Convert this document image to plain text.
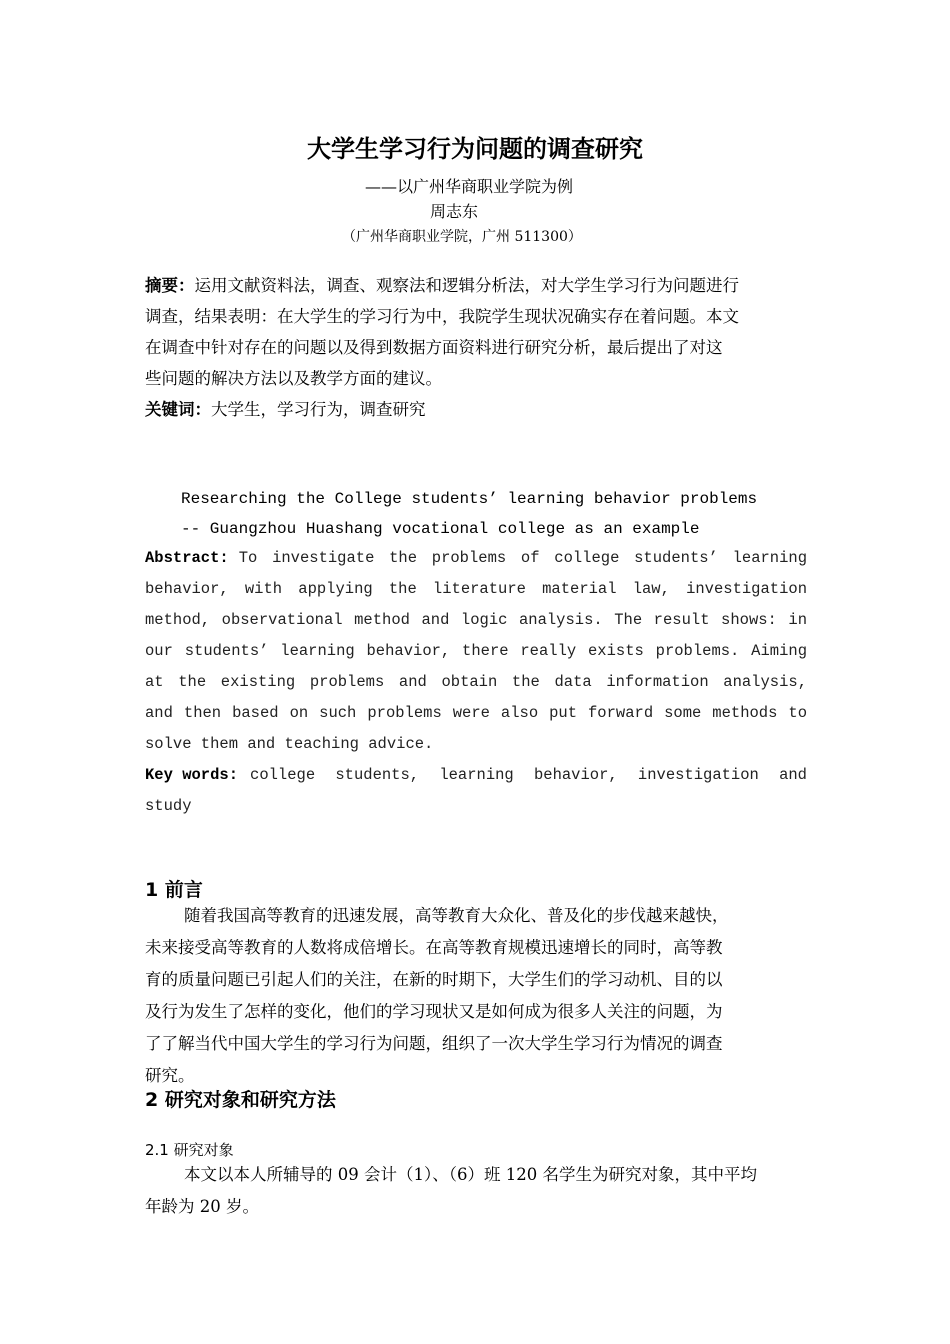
大学生学习行为问题的调查研究
——以广州华商职业学院为例
周志东
（广州华商职业学院，广州 511300）
摘要：运用文献资料法，调查、观察法和逻辑分析法，对大学生学习行为问题进行
调查，结果表明：在大学生的学习行为中，我院学生现状况确实存在着问题。本文
在调查中针对存在的问题以及得到数据方面资料进行研究分析，最后提出了对这
些问题的解决方法以及教学方面的建议。
关键词：大学生，学习行为，调查研究
Researching the College students’ learning behavior problems
-- Guangzhou Huashang vocational college as an example
Abstract: To investigate the problems of college students’ learning
behavior, with applying the literature material law, investigation
method, observational method and logic analysis. The result shows: in
our students’ learning behavior, there really exists problems. Aiming
at the existing problems and obtain the data information analysis,
and then based on such problems were also put forward some methods to
solve them and teaching advice.
Key words: college students, learning behavior, investigation and
study
1 前言
随着我国高等教育的迅速发展，高等教育大众化、普及化的步伐越来越快，
未来接受高等教育的人数将成倍增长。在高等教育规模迅速增长的同时，高等教
育的质量问题已引起人们的关注，在新的时期下，大学生们的学习动机、目的以
及行为发生了怎样的变化，他们的学习现状又是如何成为很多人关注的问题，为
了了解当代中国大学生的学习行为问题，组织了一次大学生学习行为情况的调查
研究。
2 研究对象和研究方法
2.1 研究对象
本文以本人所辅导的 09 会计（1）、（6）班 120 名学生为研究对象，其中平均
年龄为 20 岁。
